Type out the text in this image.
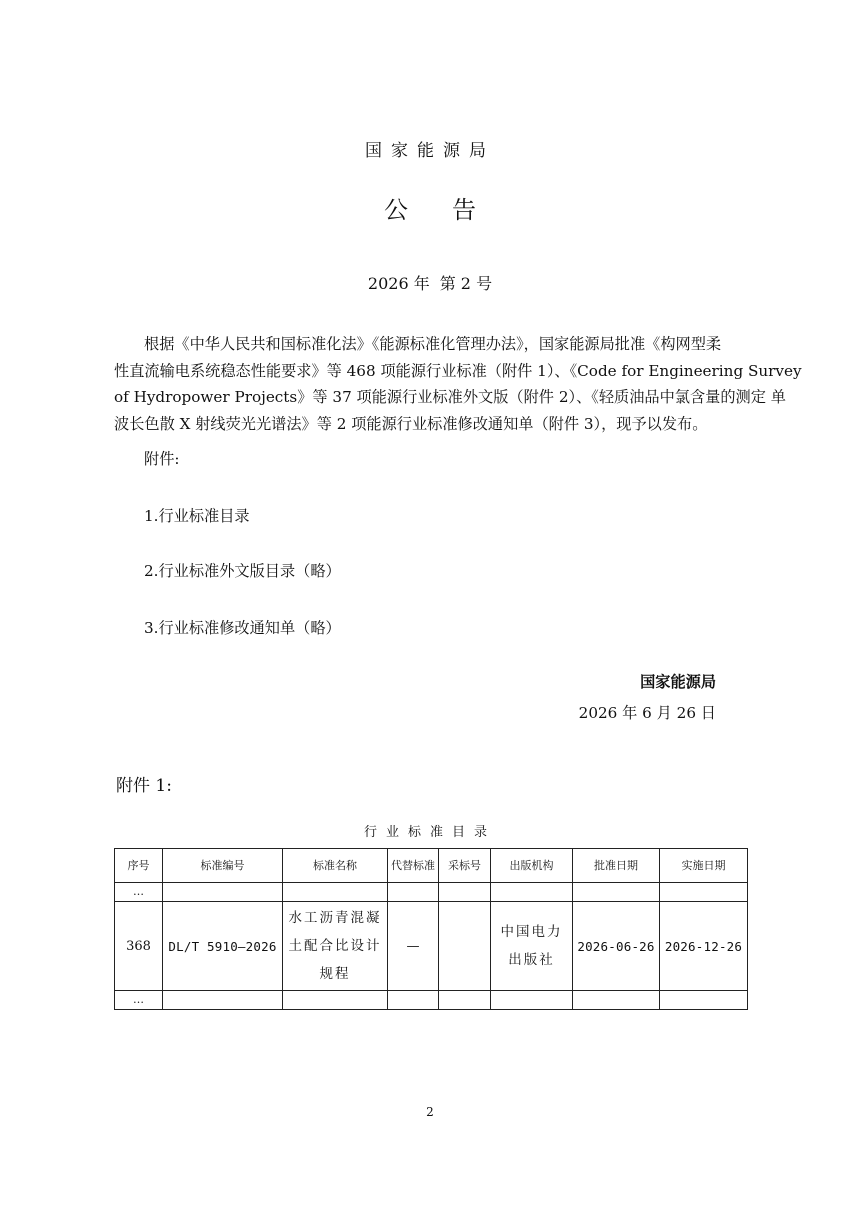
国家能源局
公告
2026 年 第 2 号
根据《中华人民共和国标准化法》《能源标准化管理办法》，国家能源局批准《构网型柔
性直流输电系统稳态性能要求》等 468 项能源行业标准（附件 1）、《Code for Engineering Survey
of Hydropower Projects》等 37 项能源行业标准外文版（附件 2）、《轻质油品中氯含量的测定 单
波长色散 X 射线荧光光谱法》等 2 项能源行业标准修改通知单（附件 3），现予以发布。
附件:
1.行业标准目录
2.行业标准外文版目录（略）
3.行业标准修改通知单（略）
国家能源局
2026 年 6 月 26 日
附件 1:
行业标准目录
序号	标准编号	标准名称	代替标准	采标号	出版机构	批准日期	实施日期
…							
368	DL/T 5910—2026	水工沥青混凝土配合比设计规程	—		中国电力出版社	2026-06-26	2026-12-26
…							
2
